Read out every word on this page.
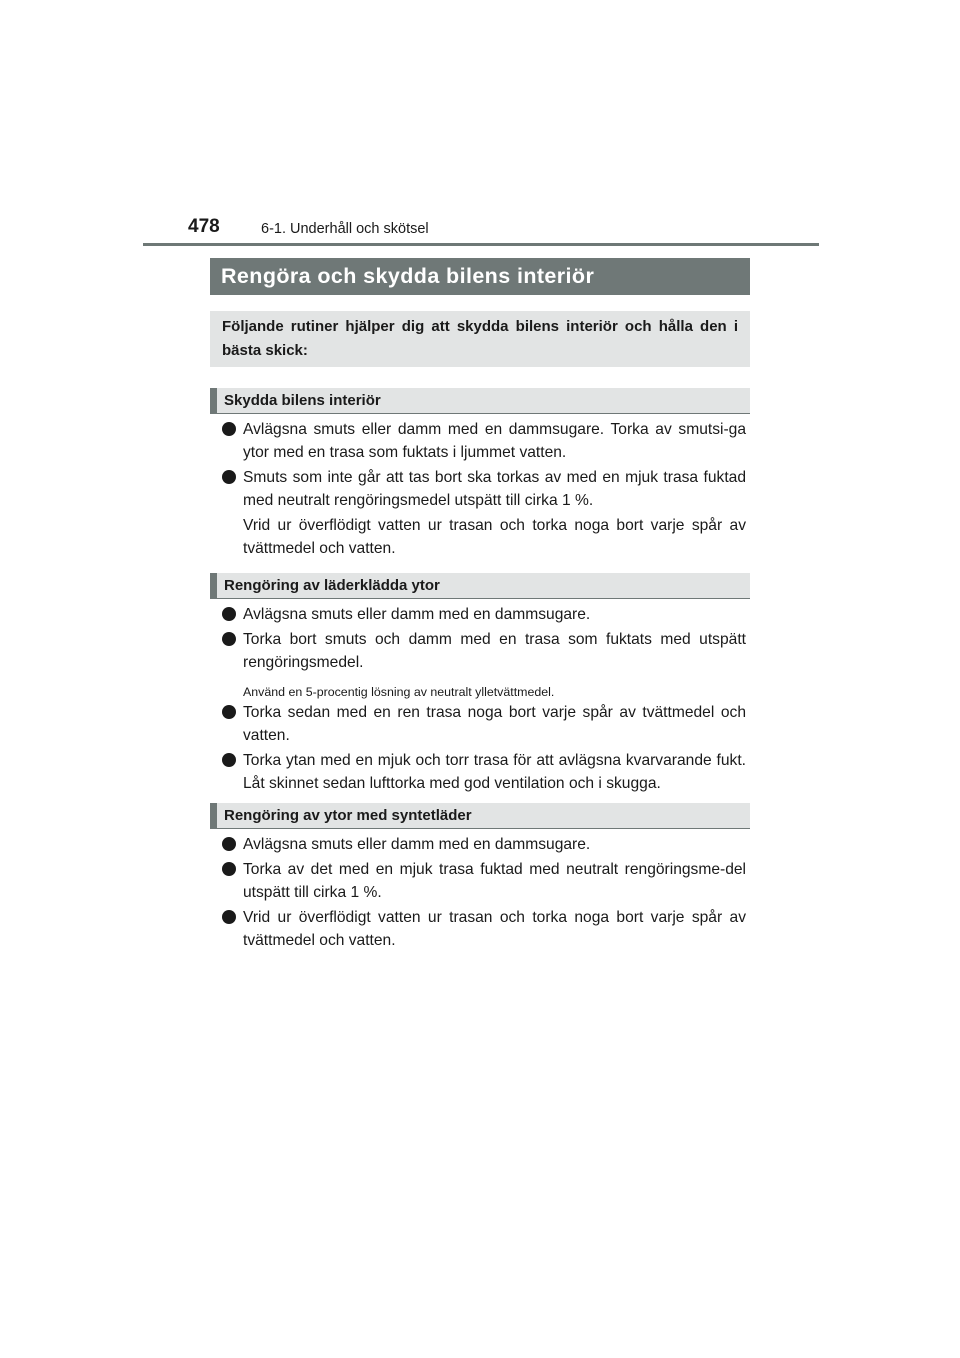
478	6-1. Underhåll och skötsel
Rengöra och skydda bilens interiör
Följande rutiner hjälper dig att skydda bilens interiör och hålla den i bästa skick:
Skydda bilens interiör
Avlägsna smuts eller damm med en dammsugare. Torka av smutsi-ga ytor med en trasa som fuktats i ljummet vatten.
Smuts som inte går att tas bort ska torkas av med en mjuk trasa fuktad med neutralt rengöringsmedel utspätt till cirka 1 %.
Vrid ur överflödigt vatten ur trasan och torka noga bort varje spår av tvättmedel och vatten.
Rengöring av läderklädda ytor
Avlägsna smuts eller damm med en dammsugare.
Torka bort smuts och damm med en trasa som fuktats med utspätt rengöringsmedel.
Använd en 5-procentig lösning av neutralt ylletvättmedel.
Torka sedan med en ren trasa noga bort varje spår av tvättmedel och vatten.
Torka ytan med en mjuk och torr trasa för att avlägsna kvarvarande fukt. Låt skinnet sedan lufttorka med god ventilation och i skugga.
Rengöring av ytor med syntetläder
Avlägsna smuts eller damm med en dammsugare.
Torka av det med en mjuk trasa fuktad med neutralt rengöringsme-del utspätt till cirka 1 %.
Vrid ur överflödigt vatten ur trasan och torka noga bort varje spår av tvättmedel och vatten.
